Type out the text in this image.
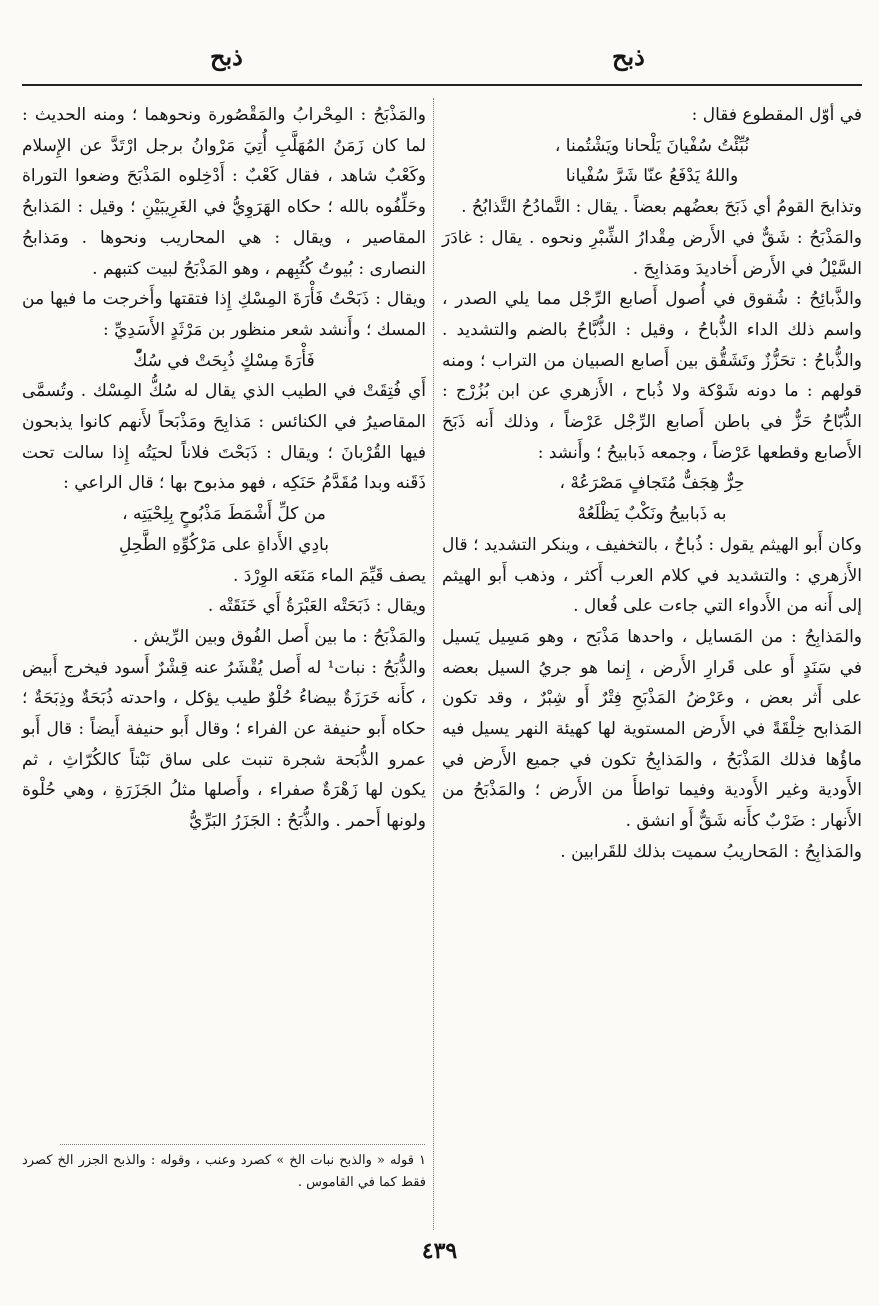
ذبح
ذبح

في أوّل المقطوع فقال :

نُبِّئْتُ سُفْيانَ يَلْحانا ويَشْتُمنا ،

واللهُ يَدْفَعُ عنّا شَرَّ سُفْيانا

وتذابحَ القومُ أي ذَبَحَ بعضُهم بعضاً . يقال : التَّمادُحُ التَّذابُحُ .

والمَذْبَحُ : شَقٌّ في الأَرض مِقْدارُ الشِّبْرِ ونحوه . يقال : غادَرَ السَّيْلُ في الأَرض أَخاديدَ ومَذابِحَ .

والذَّبائِحُ : شُقوق في أُصول أَصابع الرِّجْل مما يلي الصدر ، واسم ذلك الداء الذُّباحُ ، وقيل : الذُّبَّاحُ بالضم والتشديد . والذُّباحُ : تحَزُّزٌ وتَشَقُّق بين أَصابع الصبيان من التراب ؛ ومنه قولهم : ما دونه شَوْكة ولا ذُباح ، الأَزهري عن ابن بُزُرْج : الذُّبّاحُ حَزٌّ في باطن أَصابع الرِّجْل عَرْضاً ، وذلك أَنه ذَبَحَ الأَصابع وقطعها عَرْضاً ، وجمعه ذَبابيحُ ؛ وأَنشد :

حِرٌّ هِجَفٌّ مُتَجافٍ مَصْرَعُهْ ،

به ذَبابيحُ ونَكْبٌ يَظْلَعُهْ

وكان أَبو الهيثم يقول : ذُباحٌ ، بالتخفيف ، وينكر التشديد ؛ قال الأَزهري : والتشديد في كلام العرب أَكثر ، وذهب أَبو الهيثم إلى أَنه من الأَدواء التي جاءت على فُعال .

والمَذابِحُ : من المَسايل ، واحدها مَذْبَح ، وهو مَسِيل يَسيل في سَنَدٍ أَو على قَرارِ الأَرض ، إِنما هو جريُ السيل بعضه على أَثر بعض ، وعَرْضُ المَذْبَحِ فِتْرٌ أَو شِبْرٌ ، وقد تكون المَذابح خِلْقَةً في الأَرض المستوية لها كهيئة النهر يسيل فيه ماؤُها فذلك المَذْبَحُ ، والمَذابِحُ تكون في جميع الأَرض في الأَودية وغير الأَودية وفيما تواطأَ من الأَرض ؛ والمَذْبَحُ من الأَنهار : ضَرْبٌ كأَنه شَقٌّ أَو انشق .

والمَذابِحُ : المَحاريبُ سميت بذلك للقَرابين .

والمَذْبَحُ : المِحْرابُ والمَقْصُورة ونحوهما ؛ ومنه الحديث : لما كان زَمَنُ المُهَلَّبِ أُتِيَ مَرْوانُ برجل ارْتَدَّ عن الإِسلام وكَعْبٌ شاهد ، فقال كَعْبٌ : أَدْخِلوه المَذْبَحَ وضعوا التوراة وحَلِّفُوه بالله ؛ حكاه الهَرَوِيُّ في الغَرِيبَيْنِ ؛ وقيل : المَذابحُ المقاصير ، ويقال : هي المحاريب ونحوها . ومَذابحُ النصارى : بُيوتُ كُتُبِهم ، وهو المَذْبَحُ لبيت كتبهم .

ويقال : ذَبَحْتُ فَأْرَةَ المِسْكِ إِذا فتقتها وأَخرجت ما فيها من المسك ؛ وأَنشد شعر منظور بن مَرْثَدٍ الأَسَدِيِّ :

فَأْرَةَ مِسْكٍ ذُبِحَتْ في سُكّْ

أَي فُتِقَتْ في الطيب الذي يقال له سُكُّ المِسْك . وتُسمَّى المقاصيرُ في الكنائس : مَذابِحَ ومَذْبَحاً لأَنهم كانوا يذبحون فيها القُرْبانَ ؛ ويقال : ذَبَحْتَ فلاناً لحيَتُه إِذا سالت تحت ذَقَنه وبدا مُقَدَّمُ حَنَكِه ، فهو مذبوح بها ؛ قال الراعي :

من كلِّ أَشْمَطَ مَذْبُوحٍ بِلِحْيَتِه ،

بادِي الأَداةِ على مَرْكُوِّهِ الطَّحِلِ

يصف قَيِّمَ الماء مَنَعَه الوِرْدَ .

ويقال : ذَبَحَتْه العَبْرَةُ أَي خَنَقَتْه .

والمَذْبَحُ : ما بين أَصل الفُوق وبين الرِّيش .

والذُّبَحُ : نبات¹ له أَصل يُقْشَرُ عنه قِشْرٌ أَسود فيخرج أَبيض ، كأَنه خَرَزَةٌ بيضاءُ حُلْوٌ طيب يؤكل ، واحدته ذُبَحَةٌ وذِبَحَةٌ ؛ حكاه أَبو حنيفة عن الفراء ؛ وقال أَبو حنيفة أَيضاً : قال أَبو عمرو الذُّبَحة شجرة تنبت على ساق نَبْتاً كالكُرّاثِ ، ثم يكون لها زَهْرَةٌ صفراء ، وأَصلها مثلُ الجَزَرَةِ ، وهي حُلْوة ولونها أَحمر . والذُّبَحُ : الجَزَرُ البَرِّيُّ

١ قوله « والذبح نبات الخ » كصرد وعنب ، وقوله : والذبح الجزر الخ كصرد فقط كما في القاموس .
٤٣٩
